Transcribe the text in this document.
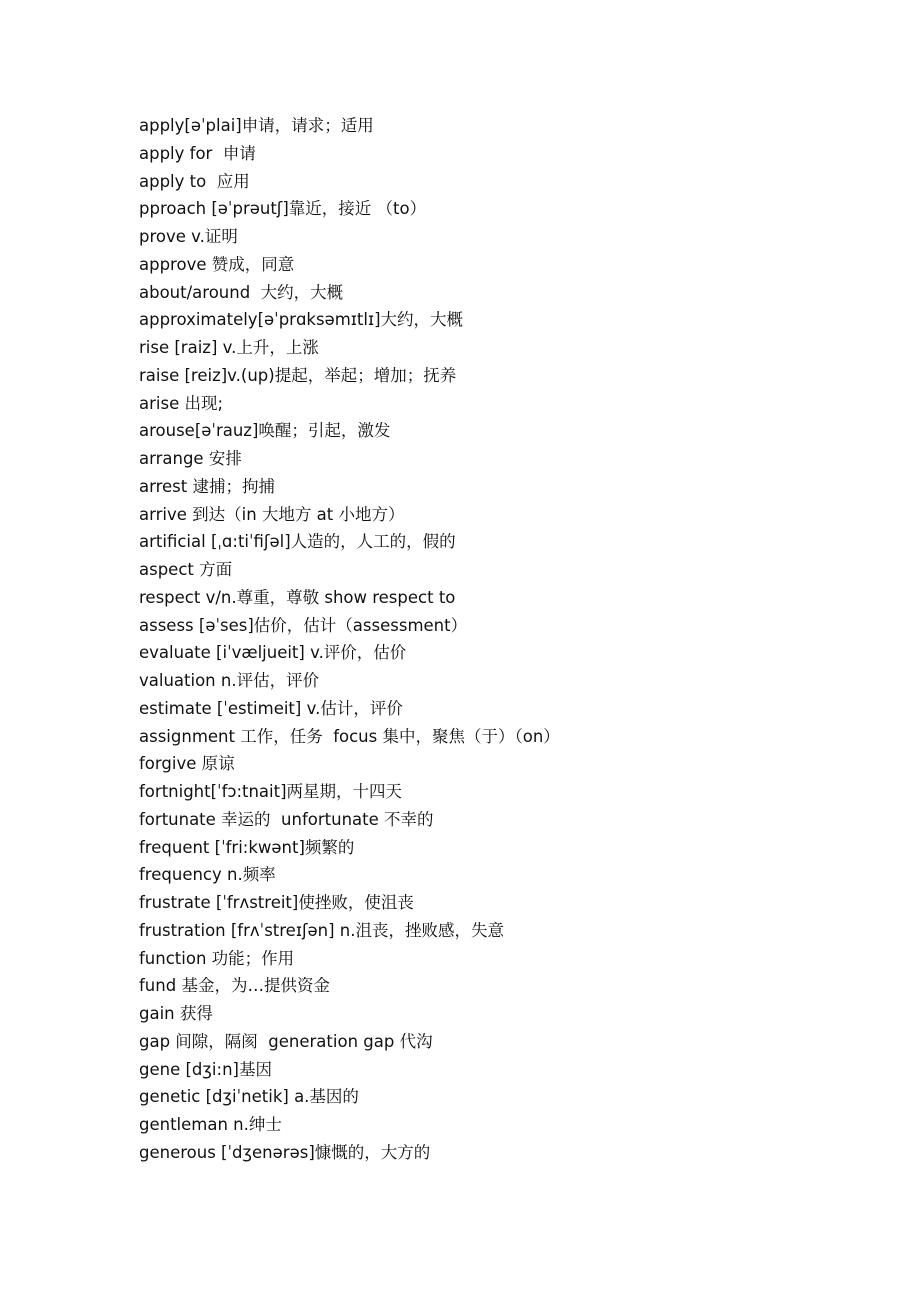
apply[əˈplai]申请，请求；适用
apply for  申请
apply to  应用
pproach [əˈprəutʃ]靠近，接近 （to）
prove v.证明
approve 赞成，同意
about/around  大约，大概
approximately[əˈprɑksəmɪtlɪ]大约，大概
rise [raiz] v.上升，上涨
raise [reiz]v.(up)提起，举起；增加；抚养
arise 出现;
arouse[əˈrauz]唤醒；引起，激发
arrange 安排
arrest 逮捕；拘捕
arrive 到达（in 大地方 at 小地方）
artificial [ˌɑ:tiˈfiʃəl]人造的，人工的，假的
aspect 方面
respect v/n.尊重，尊敬 show respect to
assess [əˈses]估价，估计（assessment）
evaluate [iˈvæljueit] v.评价，估价
valuation n.评估，评价
estimate [ˈestimeit] v.估计，评价
assignment 工作，任务  focus 集中，聚焦（于）（on）
forgive 原谅
fortnight[ˈfɔ:tnait]两星期，十四天
fortunate 幸运的  unfortunate 不幸的
frequent [ˈfri:kwənt]频繁的
frequency n.频率
frustrate [ˈfrʌstreit]使挫败，使沮丧
frustration [frʌˈstreɪʃən] n.沮丧，挫败感，失意
function 功能；作用
fund 基金，为…提供资金
gain 获得
gap 间隙，隔阂  generation gap 代沟
gene [dʒi:n]基因
genetic [dʒiˈnetik] a.基因的
gentleman n.绅士
generous [ˈdʒenərəs]慷慨的，大方的
